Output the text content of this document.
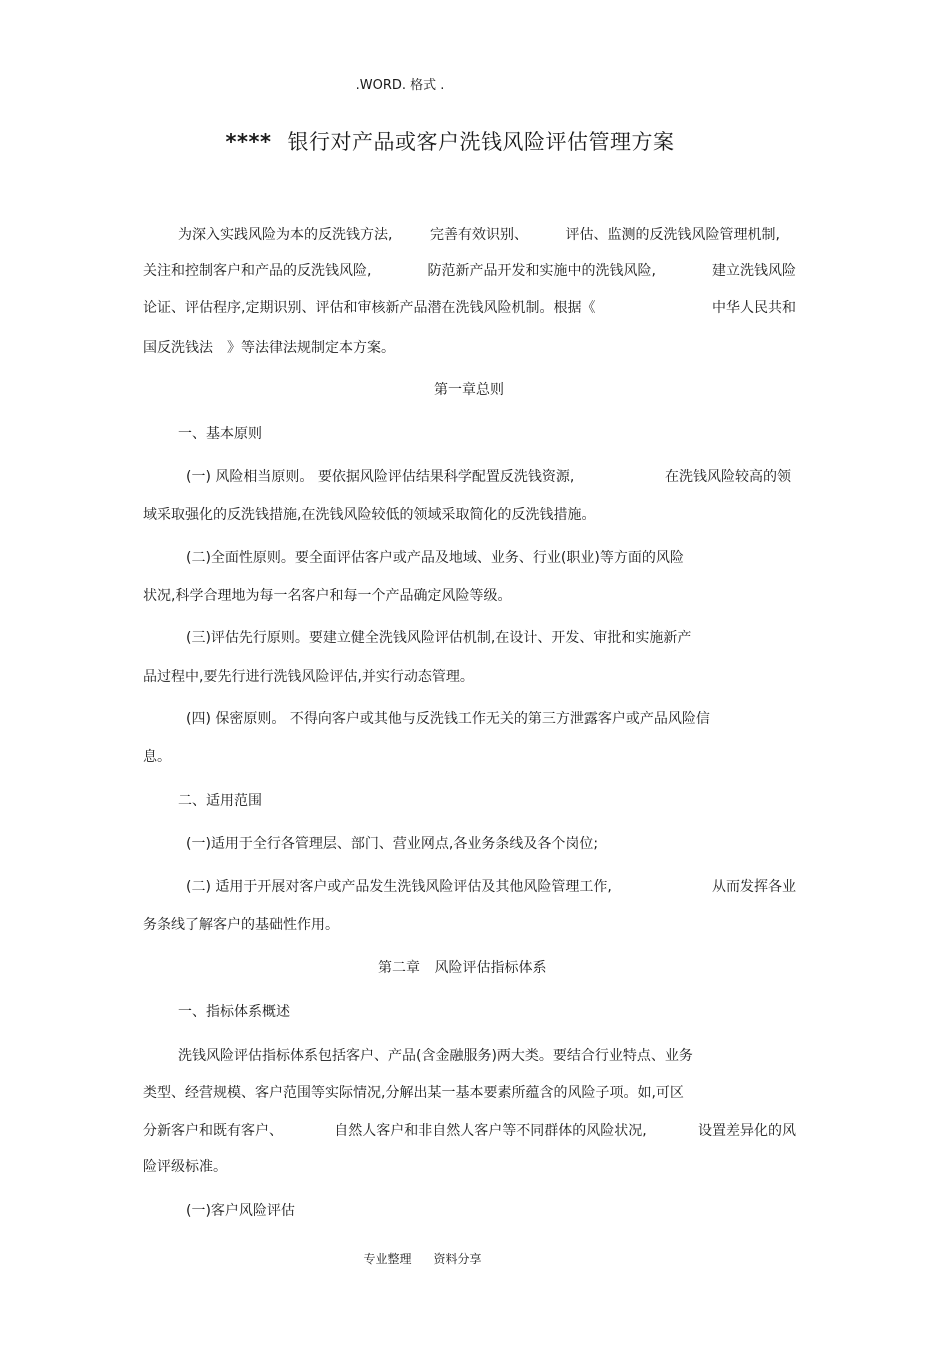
.WORD. 格式 .
**** 银行对产品或客户洗钱风险评估管理方案
为深入实践风险为本的反洗钱方法,	完善有效识别、	评估、监测的反洗钱风险管理机制,
关注和控制客户和产品的反洗钱风险,	防范新产品开发和实施中的洗钱风险,	建立洗钱风险
论证、评估程序,定期识别、评估和审核新产品潜在洗钱风险机制。根据《	中华人民共和
国反洗钱法 》等法律法规制定本方案。
第一章总则
一、基本原则
(一) 风险相当原则。 要依据风险评估结果科学配置反洗钱资源,	在洗钱风险较高的领
域采取强化的反洗钱措施,在洗钱风险较低的领域采取简化的反洗钱措施。
(二)全面性原则。要全面评估客户或产品及地域、业务、行业(职业)等方面的风险
状况,科学合理地为每一名客户和每一个产品确定风险等级。
(三)评估先行原则。要建立健全洗钱风险评估机制,在设计、开发、审批和实施新产
品过程中,要先行进行洗钱风险评估,并实行动态管理。
(四) 保密原则。 不得向客户或其他与反洗钱工作无关的第三方泄露客户或产品风险信
息。
二、适用范围
(一)适用于全行各管理层、部门、营业网点,各业务条线及各个岗位;
(二) 适用于开展对客户或产品发生洗钱风险评估及其他风险管理工作,	从而发挥各业
务条线了解客户的基础性作用。
第二章 风险评估指标体系
一、指标体系概述
洗钱风险评估指标体系包括客户、产品(含金融服务)两大类。要结合行业特点、业务
类型、经营规模、客户范围等实际情况,分解出某一基本要素所蕴含的风险子项。如,可区
分新客户和既有客户、	自然人客户和非自然人客户等不同群体的风险状况,	设置差异化的风
险评级标准。
(一)客户风险评估
专业整理 资料分享
